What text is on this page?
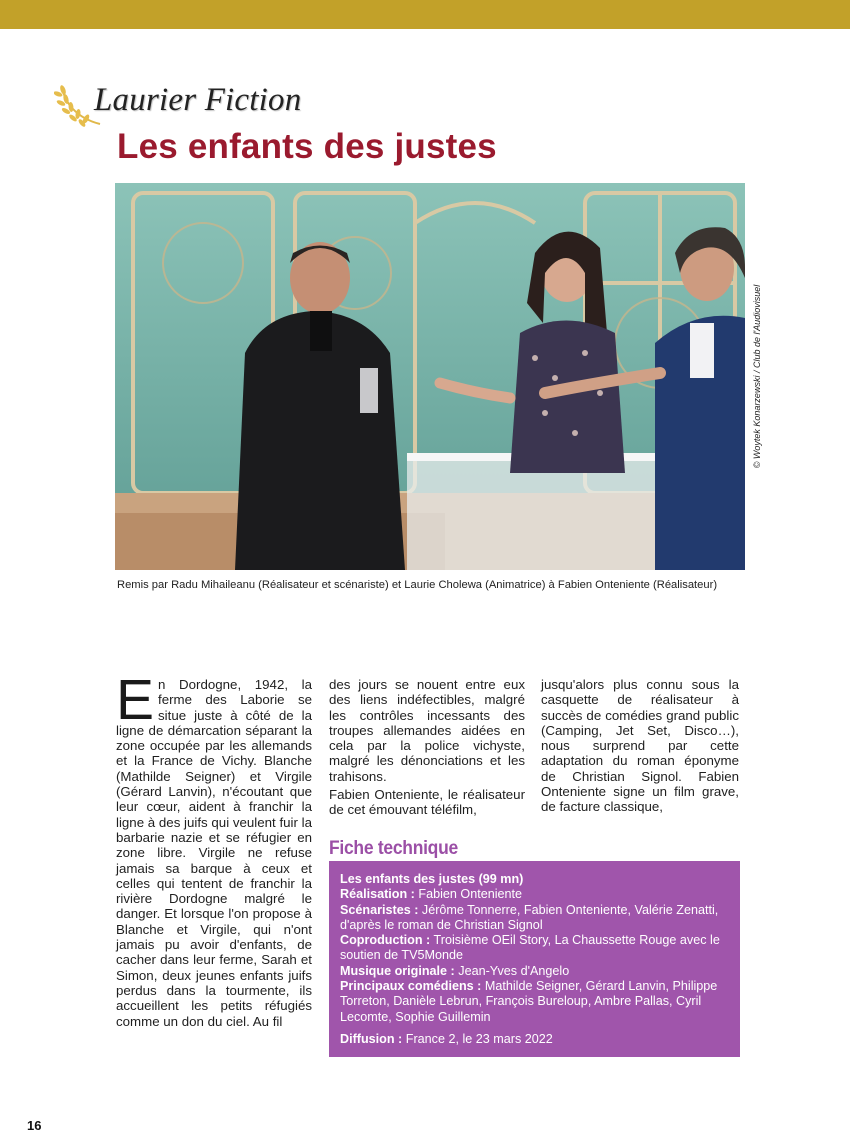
Laurier Fiction
Les enfants des justes
© Woytek Konarzewski / Club de l'Audiovisuel
Remis par Radu Mihaileanu (Réalisateur et scénariste) et Laurie Cholewa (Animatrice) à Fabien Onteniente (Réalisateur)
En Dordogne, 1942, la ferme des Laborie se situe juste à côté de la ligne de démarcation séparant la zone occupée par les allemands et la France de Vichy. Blanche (Mathilde Seigner) et Virgile (Gérard Lanvin), n'écoutant que leur cœur, aident à franchir la ligne à des juifs qui veulent fuir la barbarie nazie et se réfugier en zone libre. Virgile ne refuse jamais sa barque à ceux et celles qui tentent de franchir la rivière Dordogne malgré le danger. Et lorsque l'on propose à Blanche et Virgile, qui n'ont jamais pu avoir d'enfants, de cacher dans leur ferme, Sarah et Simon, deux jeunes enfants juifs perdus dans la tourmente, ils accueillent les petits réfugiés comme un don du ciel. Au fil

des jours se nouent entre eux des liens indéfectibles, malgré les contrôles incessants des troupes allemandes aidées en cela par la police vichyste, malgré les dénonciations et les trahisons.

Fabien Onteniente, le réalisateur de cet émouvant téléfilm,

jusqu'alors plus connu sous la casquette de réalisateur à succès de comédies grand public (Camping, Jet Set, Disco…), nous surprend par cette adaptation du roman éponyme de Christian Signol. Fabien Onteniente signe un film grave, de facture classique,

Fiche technique
Les enfants des justes (99 mn)
Réalisation : Fabien Onteniente
Scénaristes : Jérôme Tonnerre, Fabien Onteniente, Valérie Zenatti, d'après le roman de Christian Signol
Coproduction : Troisième OEil Story, La Chaussette Rouge avec le soutien de TV5Monde
Musique originale : Jean-Yves d'Angelo
Principaux comédiens : Mathilde Seigner, Gérard Lanvin, Philippe Torreton, Danièle Lebrun, François Bureloup, Ambre Pallas, Cyril Lecomte, Sophie Guillemin
Diffusion : France 2, le 23 mars 2022
16
